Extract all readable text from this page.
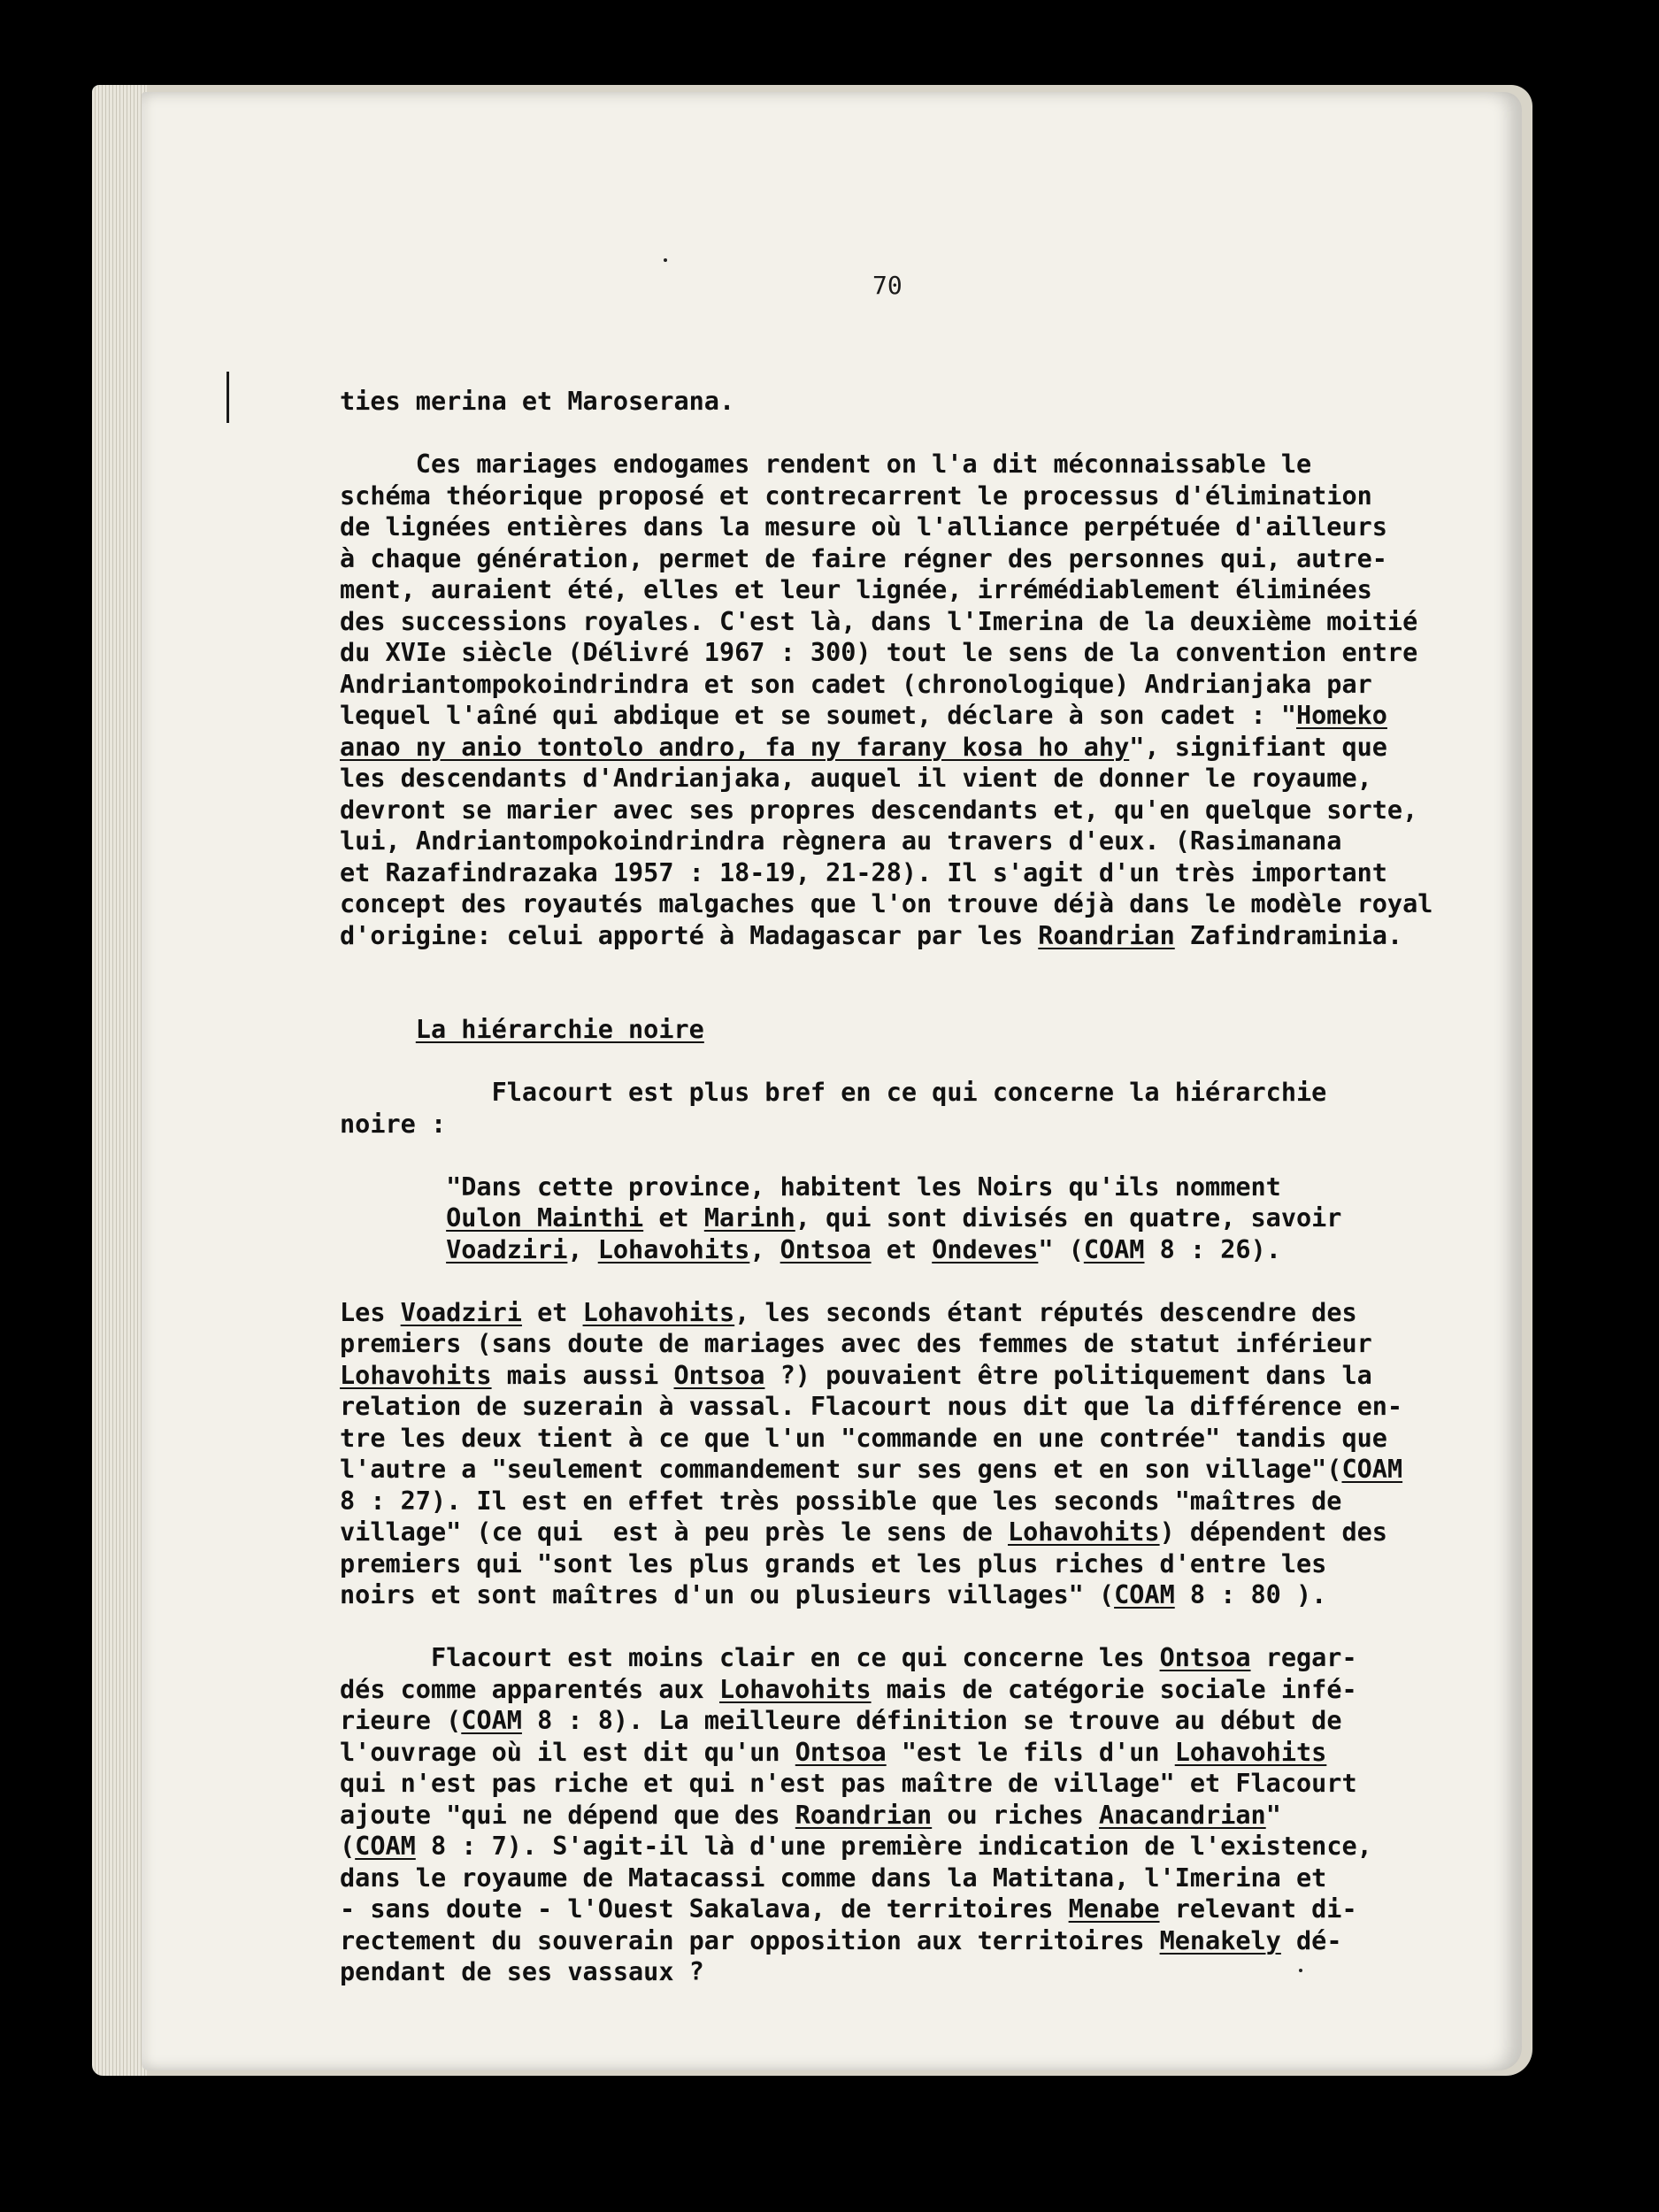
70
ties merina et Maroserana.
Ces mariages endogames rendent on l'a dit méconnaissable le
schéma théorique proposé et contrecarrent le processus d'élimination
de lignées entières dans la mesure où l'alliance perpétuée d'ailleurs
à chaque génération, permet de faire régner des personnes qui, autre-
ment, auraient été, elles et leur lignée, irrémédiablement éliminées
des successions royales. C'est là, dans l'Imerina de la deuxième moitié
du XVIe siècle (Délivré 1967 : 300) tout le sens de la convention entre
Andriantompokoindrindra et son cadet (chronologique) Andrianjaka par
lequel l'aîné qui abdique et se soumet, déclare à son cadet : "Homeko
anao ny anio tontolo andro, fa ny farany kosa ho ahy", signifiant que
les descendants d'Andrianjaka, auquel il vient de donner le royaume,
devront se marier avec ses propres descendants et, qu'en quelque sorte,
lui, Andriantompokoindrindra règnera au travers d'eux. (Rasimanana
et Razafindrazaka 1957 : 18-19, 21-28). Il s'agit d'un très important
concept des royautés malgaches que l'on trouve déjà dans le modèle royal
d'origine: celui apporté à Madagascar par les Roandrian Zafindraminia.
La hiérarchie noire
Flacourt est plus bref en ce qui concerne la hiérarchie
noire :
"Dans cette province, habitent les Noirs qu'ils nomment
Oulon Mainthi et Marinh, qui sont divisés en quatre, savoir
Voadziri, Lohavohits, Ontsoa et Ondeves" (COAM 8 : 26).
Les Voadziri et Lohavohits, les seconds étant réputés descendre des
premiers (sans doute de mariages avec des femmes de statut inférieur
Lohavohits mais aussi Ontsoa ?) pouvaient être politiquement dans la
relation de suzerain à vassal. Flacourt nous dit que la différence en-
tre les deux tient à ce que l'un "commande en une contrée" tandis que
l'autre a "seulement commandement sur ses gens et en son village"(COAM
8 : 27). Il est en effet très possible que les seconds "maîtres de
village" (ce qui  est à peu près le sens de Lohavohits) dépendent des
premiers qui "sont les plus grands et les plus riches d'entre les
noirs et sont maîtres d'un ou plusieurs villages" (COAM 8 : 80 ).
Flacourt est moins clair en ce qui concerne les Ontsoa regar-
dés comme apparentés aux Lohavohits mais de catégorie sociale infé-
rieure (COAM 8 : 8). La meilleure définition se trouve au début de
l'ouvrage où il est dit qu'un Ontsoa "est le fils d'un Lohavohits
qui n'est pas riche et qui n'est pas maître de village" et Flacourt
ajoute "qui ne dépend que des Roandrian ou riches Anacandrian"
(COAM 8 : 7). S'agit-il là d'une première indication de l'existence,
dans le royaume de Matacassi comme dans la Matitana, l'Imerina et
- sans doute - l'Ouest Sakalava, de territoires Menabe relevant di-
rectement du souverain par opposition aux territoires Menakely dé-
pendant de ses vassaux ?
